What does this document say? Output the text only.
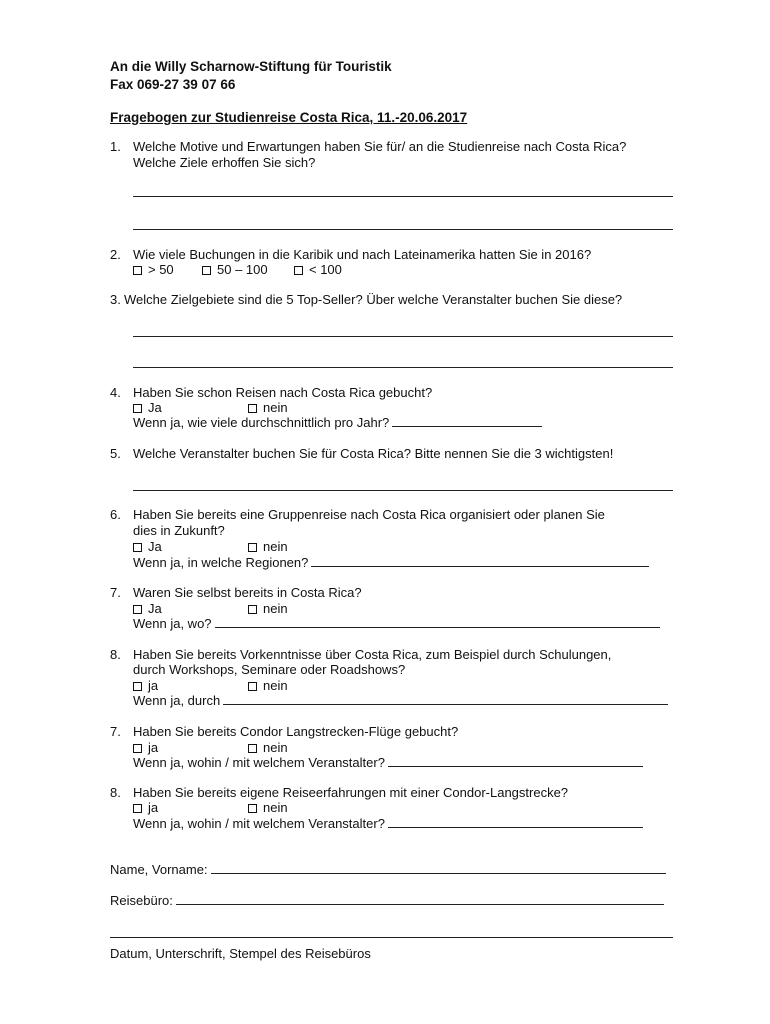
An die Willy Scharnow-Stiftung für Touristik
Fax 069-27 39 07 66
Fragebogen zur Studienreise Costa Rica, 11.-20.06.2017
1. Welche Motive und Erwartungen haben Sie für/ an die Studienreise nach Costa Rica?
Welche Ziele erhoffen Sie sich?
2. Wie viele Buchungen in die Karibik und nach Lateinamerika hatten Sie in 2016?
> 50	50 – 100	< 100
3. Welche Zielgebiete sind die 5 Top-Seller? Über welche Veranstalter buchen Sie diese?
4. Haben Sie schon Reisen nach Costa Rica gebucht?
Ja	nein
Wenn ja, wie viele durchschnittlich pro Jahr?
5. Welche Veranstalter buchen Sie für Costa Rica? Bitte nennen Sie die 3 wichtigsten!
6. Haben Sie bereits eine Gruppenreise nach Costa Rica organisiert oder planen Sie
dies in Zukunft?
Ja	nein
Wenn ja, in welche Regionen?
7. Waren Sie selbst bereits in Costa Rica?
Ja	nein
Wenn ja, wo?
8. Haben Sie bereits Vorkenntnisse über Costa Rica, zum Beispiel durch Schulungen,
durch Workshops, Seminare oder Roadshows?
ja	nein
Wenn ja, durch
7. Haben Sie bereits Condor Langstrecken-Flüge gebucht?
ja	nein
Wenn ja, wohin / mit welchem Veranstalter?
8. Haben Sie bereits eigene Reiseerfahrungen mit einer Condor-Langstrecke?
ja	nein
Wenn ja, wohin / mit welchem Veranstalter?
Name, Vorname:
Reisebüro:
Datum, Unterschrift, Stempel des Reisebüros
